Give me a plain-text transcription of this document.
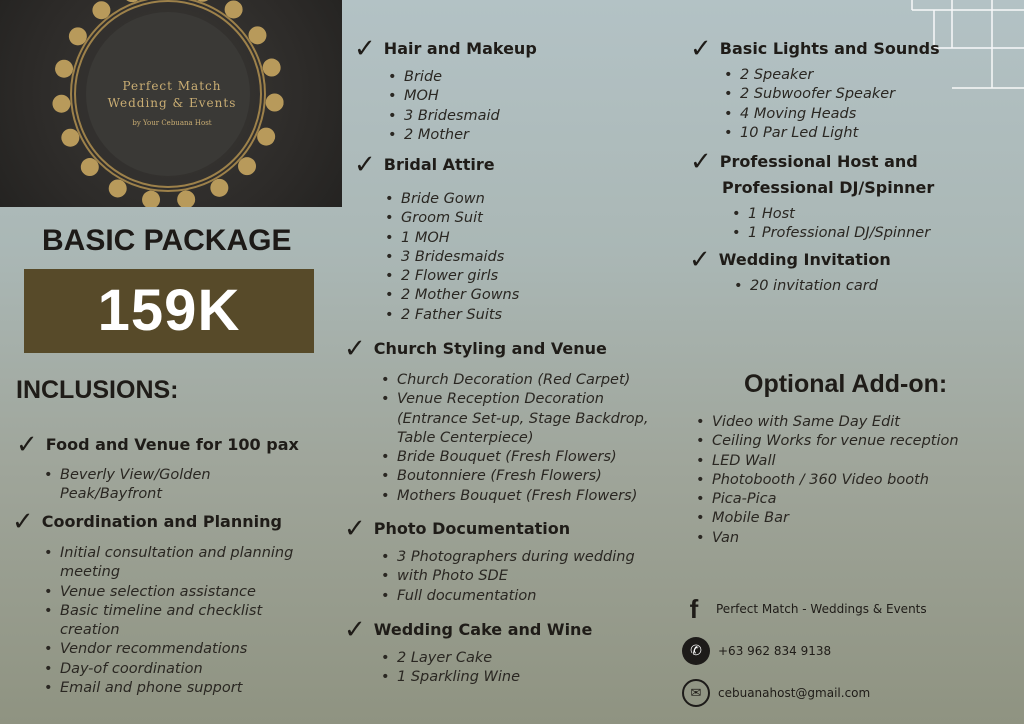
Perfect Match
Wedding & Events
by Your Cebuana Host
BASIC PACKAGE
159K
INCLUSIONS:
✓ Food and Venue for 100 pax
• Beverly View/Golden
Peak/Bayfront
✓ Coordination and Planning
• Initial consultation and planning
meeting
• Venue selection assistance
• Basic timeline and checklist
creation
• Vendor recommendations
• Day-of coordination
• Email and phone support
✓ Hair and Makeup
• Bride
• MOH
• 3 Bridesmaid
• 2 Mother
✓ Bridal Attire
• Bride Gown
• Groom Suit
• 1 MOH
• 3 Bridesmaids
• 2 Flower girls
• 2 Mother Gowns
• 2 Father Suits
✓ Church Styling and Venue
• Church Decoration (Red Carpet)
• Venue Reception Decoration
(Entrance Set-up, Stage Backdrop,
Table Centerpiece)
• Bride Bouquet (Fresh Flowers)
• Boutonniere (Fresh Flowers)
• Mothers Bouquet (Fresh Flowers)
✓ Photo Documentation
• 3 Photographers during wedding
• with Photo SDE
• Full documentation
✓ Wedding Cake and Wine
• 2 Layer Cake
• 1 Sparkling Wine
✓ Basic Lights and Sounds
• 2 Speaker
• 2 Subwoofer Speaker
• 4 Moving Heads
• 10 Par Led Light
✓ Professional Host and
Professional DJ/Spinner
• 1 Host
• 1 Professional DJ/Spinner
✓ Wedding Invitation
• 20 invitation card
Optional Add-on:
• Video with Same Day Edit
• Ceiling Works for venue reception
• LED Wall
• Photobooth / 360 Video booth
• Pica-Pica
• Mobile Bar
• Van
f	Perfect Match - Weddings & Events
✆	+63 962 834 9138
✉	cebuanahost@gmail.com
